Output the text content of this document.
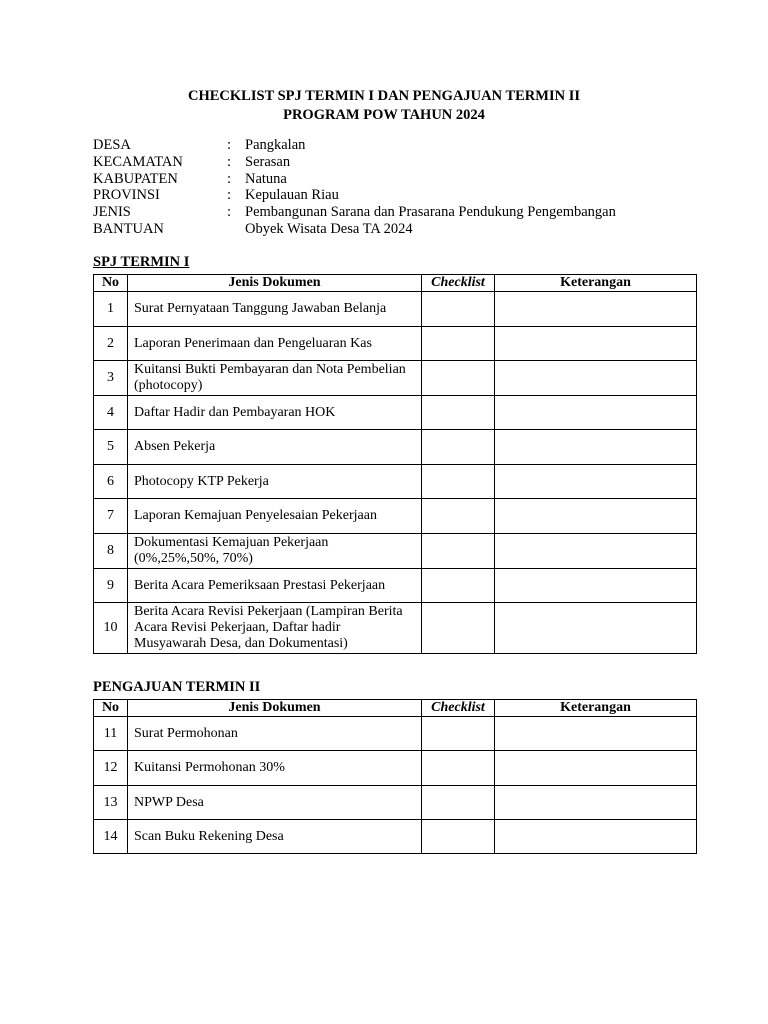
CHECKLIST SPJ TERMIN I DAN PENGAJUAN TERMIN II
PROGRAM POW TAHUN 2024
DESA	: Pangkalan
KECAMATAN	: Serasan
KABUPATEN	: Natuna
PROVINSI	: Kepulauan Riau
JENIS	: Pembangunan Sarana dan Prasarana Pendukung Pengembangan
BANTUAN	Obyek Wisata Desa TA 2024
SPJ TERMIN I
No	Jenis Dokumen	Checklist	Keterangan
1	Surat Pernyataan Tanggung Jawaban Belanja		
2	Laporan Penerimaan dan Pengeluaran Kas		
3	Kuitansi Bukti Pembayaran dan Nota Pembelian (photocopy)		
4	Daftar Hadir dan Pembayaran HOK		
5	Absen Pekerja		
6	Photocopy KTP Pekerja		
7	Laporan Kemajuan Penyelesaian Pekerjaan		
8	Dokumentasi Kemajuan Pekerjaan (0%,25%,50%, 70%)		
9	Berita Acara Pemeriksaan Prestasi Pekerjaan		
10	Berita Acara Revisi Pekerjaan (Lampiran Berita Acara Revisi Pekerjaan, Daftar hadir Musyawarah Desa, dan Dokumentasi)		
PENGAJUAN TERMIN II
No	Jenis Dokumen	Checklist	Keterangan
11	Surat Permohonan		
12	Kuitansi Permohonan 30%		
13	NPWP Desa		
14	Scan Buku Rekening Desa		
